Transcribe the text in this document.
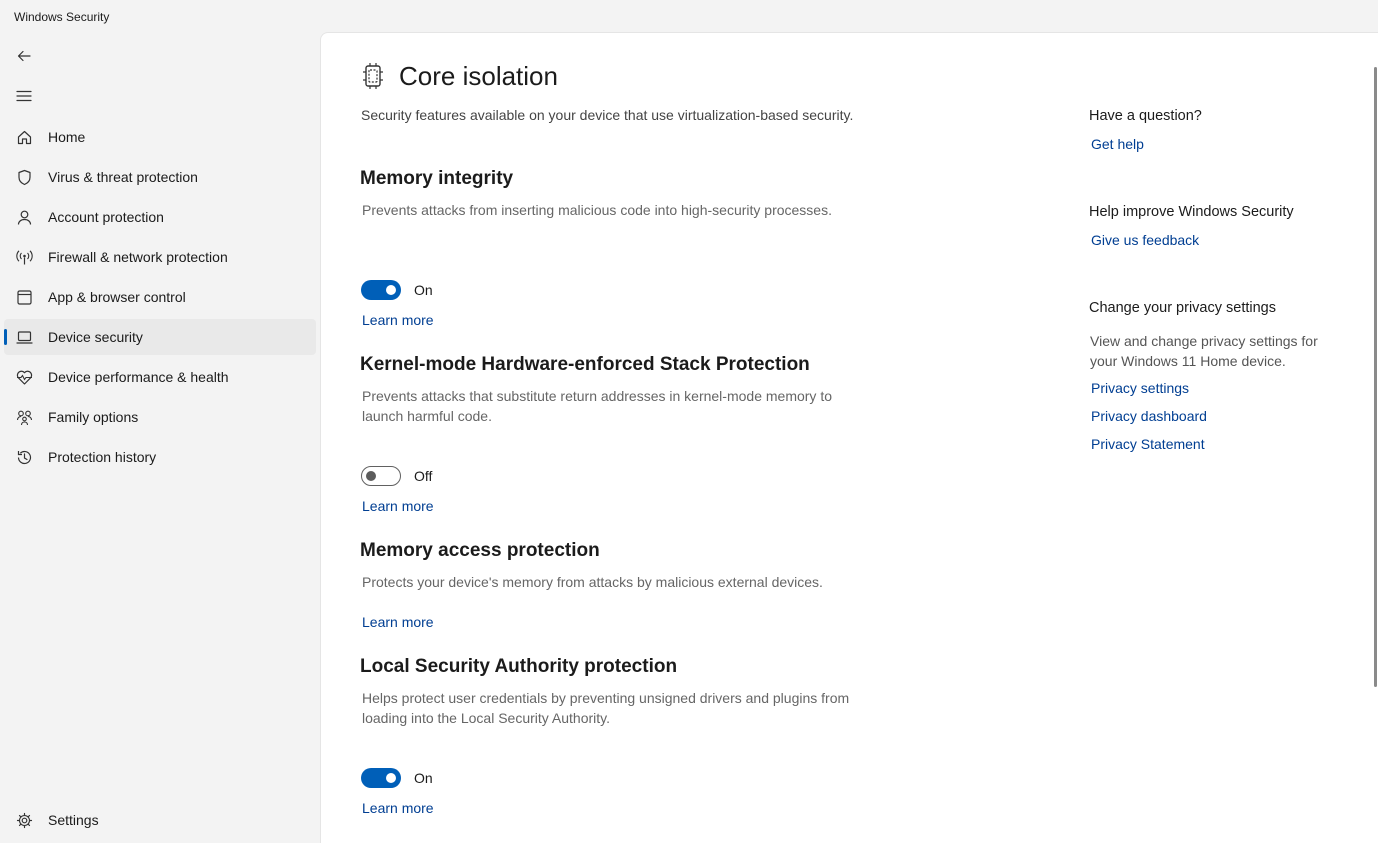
Windows Security
Home
Virus & threat protection
Account protection
Firewall & network protection
App & browser control
Device security
Device performance & health
Family options
Protection history
Settings
Core isolation

Security features available on your device that use virtualization-based security.

Memory integrity

Prevents attacks from inserting malicious code into high-security processes.

On
Learn more
Kernel-mode Hardware-enforced Stack Protection

Prevents attacks that substitute return addresses in kernel-mode memory to launch harmful code.

Off
Learn more
Memory access protection

Protects your device's memory from attacks by malicious external devices.

Learn more
Local Security Authority protection

Helps protect user credentials by preventing unsigned drivers and plugins from loading into the Local Security Authority.

On
Learn more
Have a question?
Get help
Help improve Windows Security
Give us feedback
Change your privacy settings

View and change privacy settings for your Windows 11 Home device.

Privacy settings
Privacy dashboard
Privacy Statement
